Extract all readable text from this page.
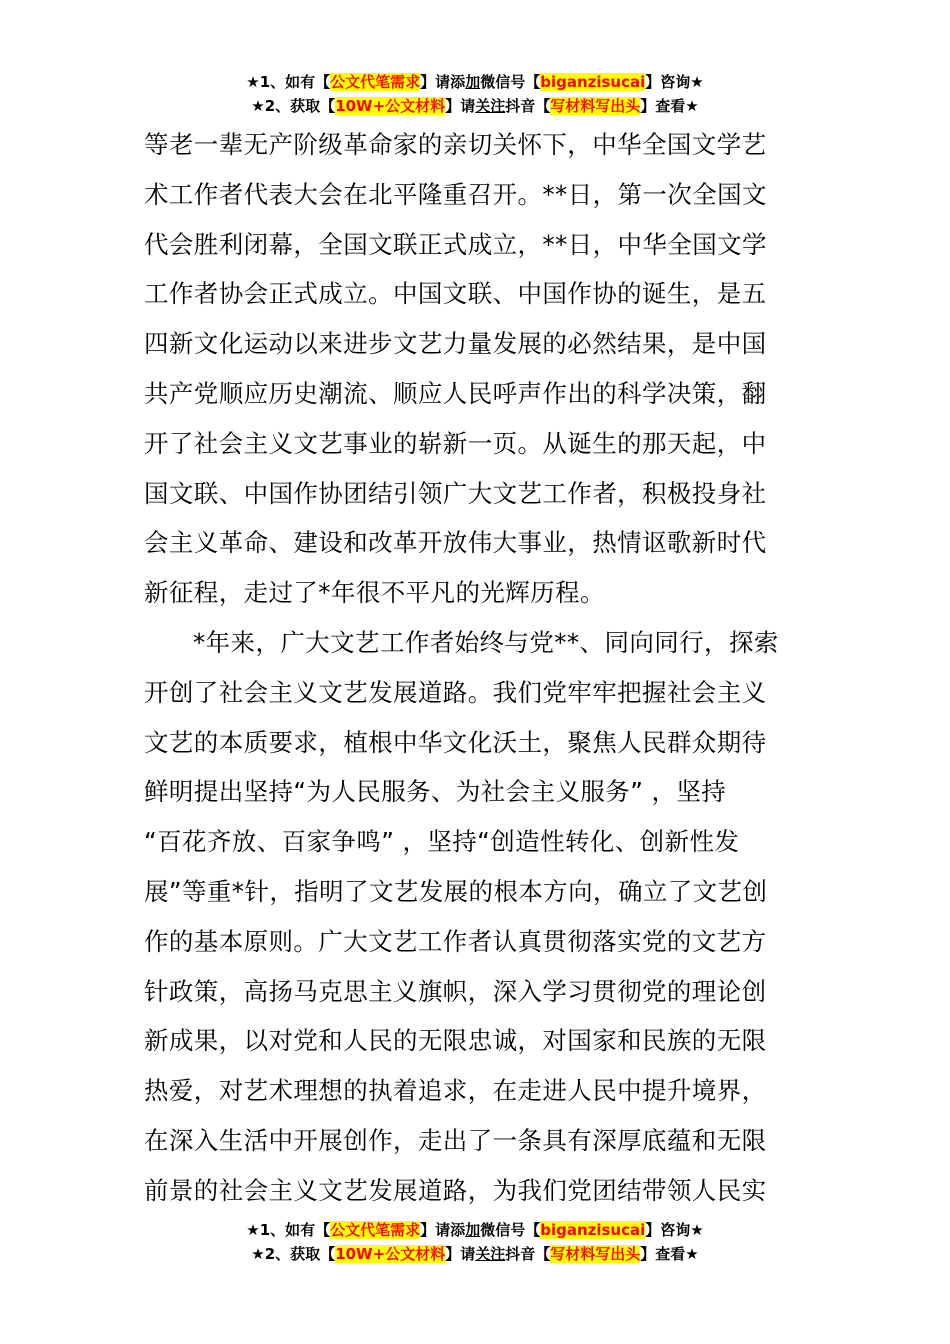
★1、如有【公文代笔需求】请添加微信号【biganzisucai】咨询★
★2、获取【10W+公文材料】请关注抖音【写材料写出头】查看★
等老一辈无产阶级革命家的亲切关怀下，中华全国文学艺
术工作者代表大会在北平隆重召开。**日，第一次全国文
代会胜利闭幕，全国文联正式成立，**日，中华全国文学
工作者协会正式成立。中国文联、中国作协的诞生，是五
四新文化运动以来进步文艺力量发展的必然结果，是中国
共产党顺应历史潮流、顺应人民呼声作出的科学决策，翻
开了社会主义文艺事业的崭新一页。从诞生的那天起，中
国文联、中国作协团结引领广大文艺工作者，积极投身社
会主义革命、建设和改革开放伟大事业，热情讴歌新时代
新征程，走过了*年很不平凡的光辉历程。
*年来，广大文艺工作者始终与党**、同向同行，探索
开创了社会主义文艺发展道路。我们党牢牢把握社会主义
文艺的本质要求，植根中华文化沃土，聚焦人民群众期待
鲜明提出坚持“为人民服务、为社会主义服务” ，坚持
“百花齐放、百家争鸣” ，坚持“创造性转化、创新性发
展”等重*针，指明了文艺发展的根本方向，确立了文艺创
作的基本原则。广大文艺工作者认真贯彻落实党的文艺方
针政策，高扬马克思主义旗帜，深入学习贯彻党的理论创
新成果，以对党和人民的无限忠诚，对国家和民族的无限
热爱，对艺术理想的执着追求，在走进人民中提升境界，
在深入生活中开展创作，走出了一条具有深厚底蕴和无限
前景的社会主义文艺发展道路，为我们党团结带领人民实
★1、如有【公文代笔需求】请添加微信号【biganzisucai】咨询★
★2、获取【10W+公文材料】请关注抖音【写材料写出头】查看★
